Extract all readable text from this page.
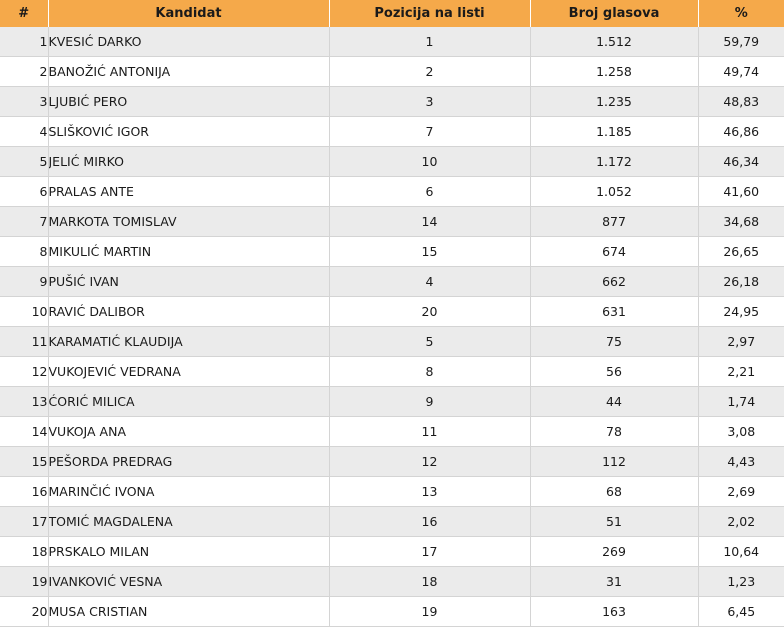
#	Kandidat	Pozicija na listi	Broj glasova	%
1	KVESIĆ DARKO	1	1.512	59,79
2	BANOŽIĆ ANTONIJA	2	1.258	49,74
3	LJUBIĆ PERO	3	1.235	48,83
4	SLIŠKOVIĆ IGOR	7	1.185	46,86
5	JELIĆ MIRKO	10	1.172	46,34
6	PRALAS ANTE	6	1.052	41,60
7	MARKOTA TOMISLAV	14	877	34,68
8	MIKULIĆ MARTIN	15	674	26,65
9	PUŠIĆ IVAN	4	662	26,18
10	RAVIĆ DALIBOR	20	631	24,95
11	KARAMATIĆ KLAUDIJA	5	75	2,97
12	VUKOJEVIĆ VEDRANA	8	56	2,21
13	ĆORIĆ MILICA	9	44	1,74
14	VUKOJA ANA	11	78	3,08
15	PEŠORDA PREDRAG	12	112	4,43
16	MARINČIĆ IVONA	13	68	2,69
17	TOMIĆ MAGDALENA	16	51	2,02
18	PRSKALO MILAN	17	269	10,64
19	IVANKOVIĆ VESNA	18	31	1,23
20	MUSA CRISTIAN	19	163	6,45
